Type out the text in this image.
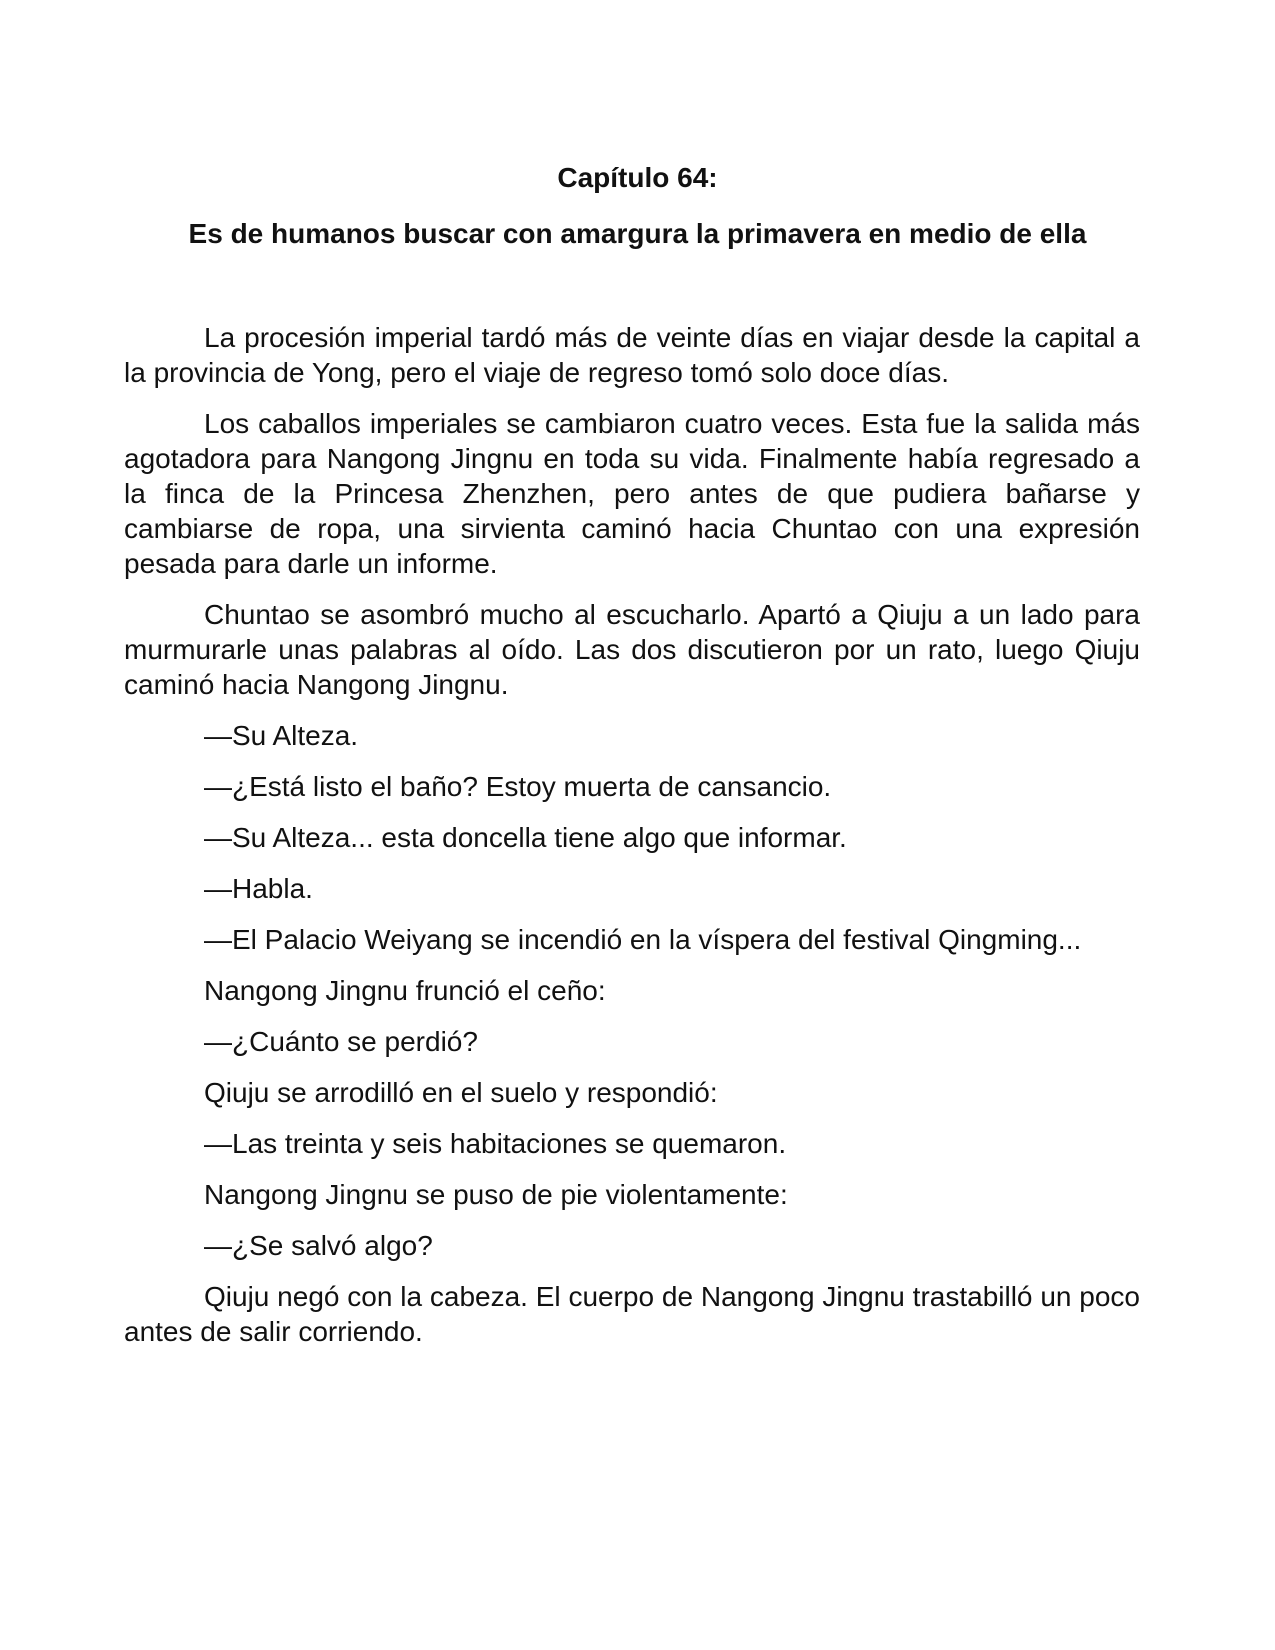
Capítulo 64:
Es de humanos buscar con amargura la primavera en medio de ella

La procesión imperial tardó más de veinte días en viajar desde la capital a la provincia de Yong, pero el viaje de regreso tomó solo doce días.

Los caballos imperiales se cambiaron cuatro veces. Esta fue la salida más agotadora para Nangong Jingnu en toda su vida. Finalmente había regresado a la finca de la Princesa Zhenzhen, pero antes de que pudiera bañarse y cambiarse de ropa, una sirvienta caminó hacia Chuntao con una expresión pesada para darle un informe.

Chuntao se asombró mucho al escucharlo. Apartó a Qiuju a un lado para murmurarle unas palabras al oído. Las dos discutieron por un rato, luego Qiuju caminó hacia Nangong Jingnu.

—Su Alteza.

—¿Está listo el baño? Estoy muerta de cansancio.

—Su Alteza... esta doncella tiene algo que informar.

—Habla.

—El Palacio Weiyang se incendió en la víspera del festival Qingming...

Nangong Jingnu frunció el ceño:

—¿Cuánto se perdió?

Qiuju se arrodilló en el suelo y respondió:

—Las treinta y seis habitaciones se quemaron.

Nangong Jingnu se puso de pie violentamente:

—¿Se salvó algo?

Qiuju negó con la cabeza. El cuerpo de Nangong Jingnu trastabilló un poco antes de salir corriendo.
